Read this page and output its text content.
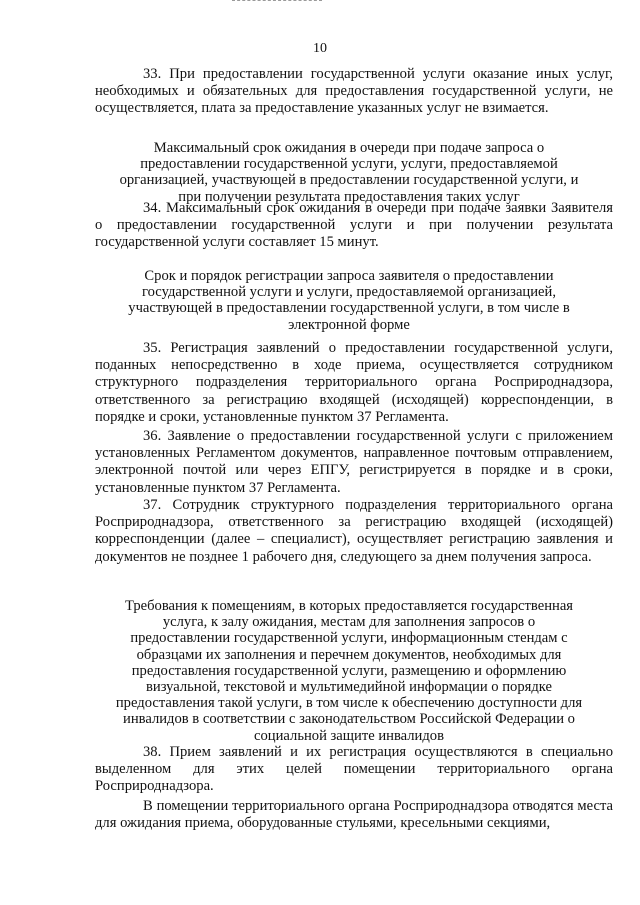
10

33. При предоставлении государственной услуги оказание иных услуг, необходимых и обязательных для предоставления государственной услуги, не осуществляется, плата за предоставление указанных услуг не взимается.

Максимальный срок ожидания в очереди при подаче запроса о предоставлении государственной услуги, услуги, предоставляемой организацией, участвующей в предоставлении государственной услуги, и при получении результата предоставления таких услуг

34. Максимальный срок ожидания в очереди при подаче заявки Заявителя о предоставлении государственной услуги и при получении результата государственной услуги составляет 15 минут.

Срок и порядок регистрации запроса заявителя о предоставлении государственной услуги и услуги, предоставляемой организацией, участвующей в предоставлении государственной услуги, в том числе в электронной форме

35. Регистрация заявлений о предоставлении государственной услуги, поданных непосредственно в ходе приема, осуществляется сотрудником структурного подразделения территориального органа Росприроднадзора, ответственного за регистрацию входящей (исходящей) корреспонденции, в порядке и сроки, установленные пунктом 37 Регламента.

36. Заявление о предоставлении государственной услуги с приложением установленных Регламентом документов, направленное почтовым отправлением, электронной почтой или через ЕПГУ, регистрируется в порядке и в сроки, установленные пунктом 37 Регламента.

37. Сотрудник структурного подразделения территориального органа Росприроднадзора, ответственного за регистрацию входящей (исходящей) корреспонденции (далее – специалист), осуществляет регистрацию заявления и документов не позднее 1 рабочего дня, следующего за днем получения запроса.

Требования к помещениям, в которых предоставляется государственная услуга, к залу ожидания, местам для заполнения запросов о предоставлении государственной услуги, информационным стендам с образцами их заполнения и перечнем документов, необходимых для предоставления государственной услуги, размещению и оформлению визуальной, текстовой и мультимедийной информации о порядке предоставления такой услуги, в том числе к обеспечению доступности для инвалидов в соответствии с законодательством Российской Федерации о социальной защите инвалидов

38. Прием заявлений и их регистрация осуществляются в специально выделенном для этих целей помещении территориального органа Росприроднадзора.

В помещении территориального органа Росприроднадзора отводятся места для ожидания приема, оборудованные стульями, кресельными секциями,
